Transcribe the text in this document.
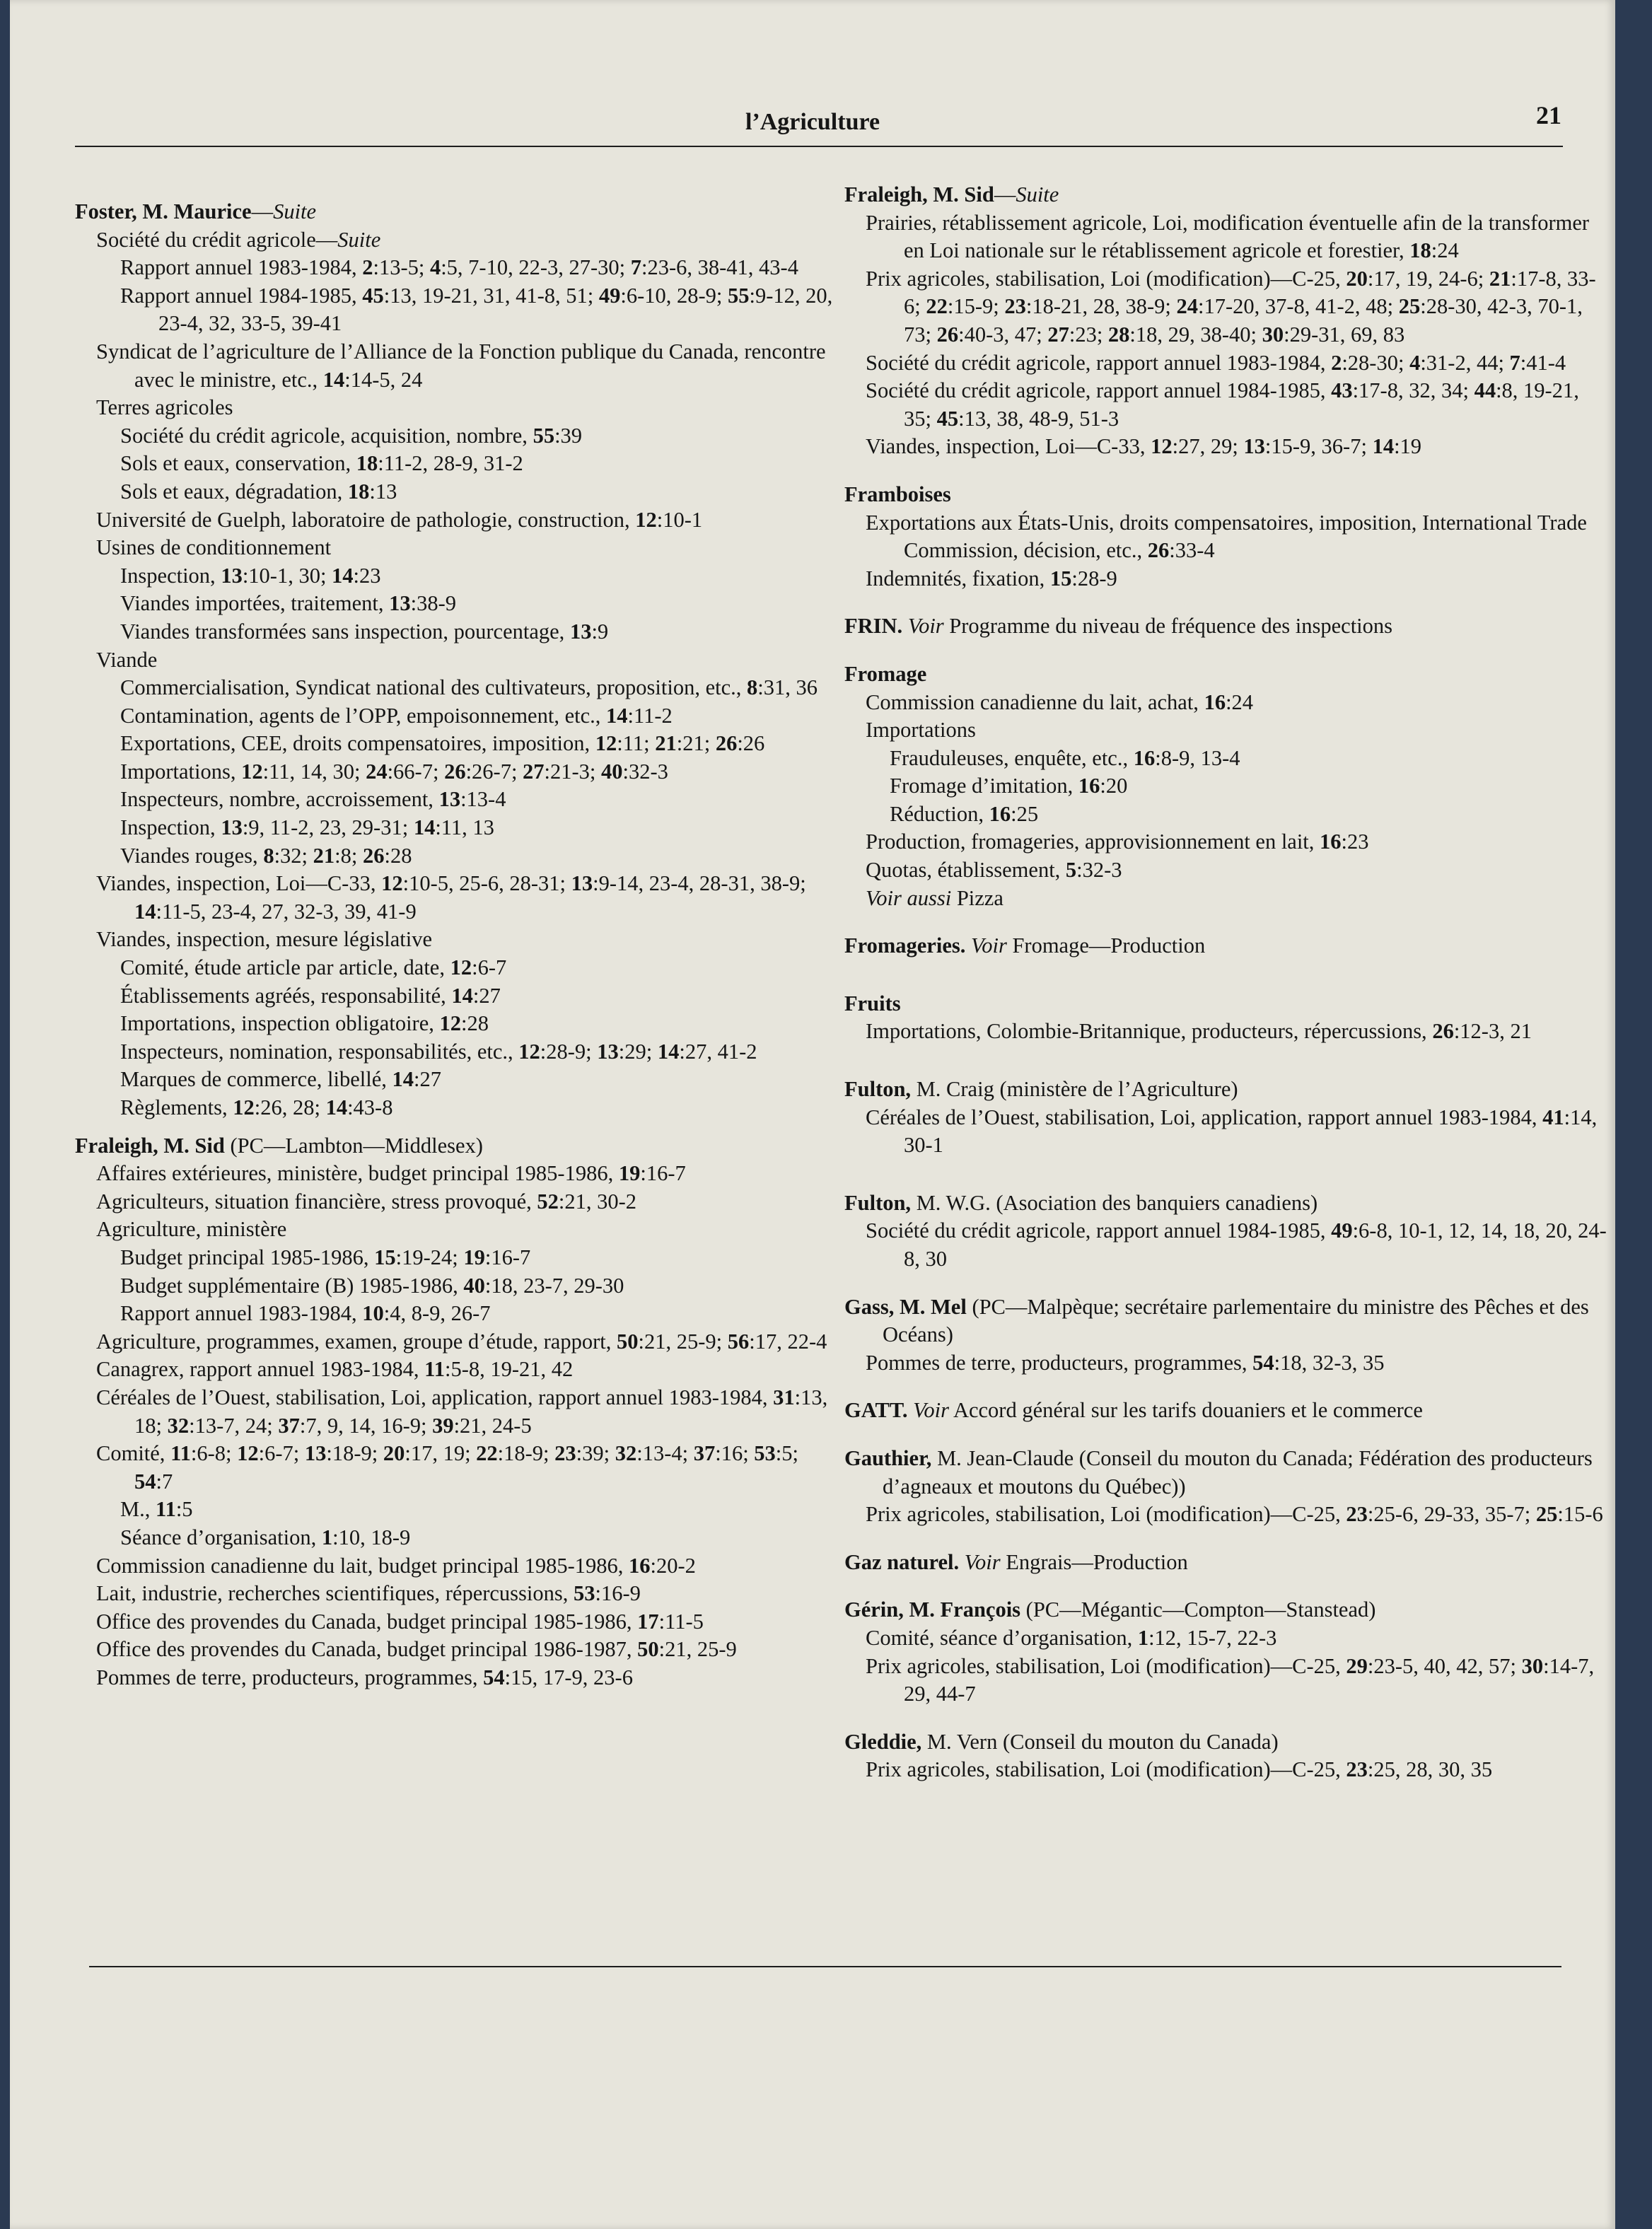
l’Agriculture	21
Foster, M. Maurice—Suite
Société du crédit agricole—Suite
Rapport annuel 1983-1984, 2:13-5; 4:5, 7-10, 22-3, 27-30; 7:23-6, 38-41, 43-4
Rapport annuel 1984-1985, 45:13, 19-21, 31, 41-8, 51; 49:6-10, 28-9; 55:9-12, 20, 23-4, 32, 33-5, 39-41
Syndicat de l’agriculture de l’Alliance de la Fonction publique du Canada, rencontre avec le ministre, etc., 14:14-5, 24
Terres agricoles
Société du crédit agricole, acquisition, nombre, 55:39
Sols et eaux, conservation, 18:11-2, 28-9, 31-2
Sols et eaux, dégradation, 18:13
Université de Guelph, laboratoire de pathologie, construction, 12:10-1
Usines de conditionnement
Inspection, 13:10-1, 30; 14:23
Viandes importées, traitement, 13:38-9
Viandes transformées sans inspection, pourcentage, 13:9
Viande
Commercialisation, Syndicat national des cultivateurs, proposition, etc., 8:31, 36
Contamination, agents de l’OPP, empoisonnement, etc., 14:11-2
Exportations, CEE, droits compensatoires, imposition, 12:11; 21:21; 26:26
Importations, 12:11, 14, 30; 24:66-7; 26:26-7; 27:21-3; 40:32-3
Inspecteurs, nombre, accroissement, 13:13-4
Inspection, 13:9, 11-2, 23, 29-31; 14:11, 13
Viandes rouges, 8:32; 21:8; 26:28
Viandes, inspection, Loi—C-33, 12:10-5, 25-6, 28-31; 13:9-14, 23-4, 28-31, 38-9; 14:11-5, 23-4, 27, 32-3, 39, 41-9
Viandes, inspection, mesure législative
Comité, étude article par article, date, 12:6-7
Établissements agréés, responsabilité, 14:27
Importations, inspection obligatoire, 12:28
Inspecteurs, nomination, responsabilités, etc., 12:28-9; 13:29; 14:27, 41-2
Marques de commerce, libellé, 14:27
Règlements, 12:26, 28; 14:43-8
Fraleigh, M. Sid (PC—Lambton—Middlesex)
Affaires extérieures, ministère, budget principal 1985-1986, 19:16-7
Agriculteurs, situation financière, stress provoqué, 52:21, 30-2
Agriculture, ministère
Budget principal 1985-1986, 15:19-24; 19:16-7
Budget supplémentaire (B) 1985-1986, 40:18, 23-7, 29-30
Rapport annuel 1983-1984, 10:4, 8-9, 26-7
Agriculture, programmes, examen, groupe d’étude, rapport, 50:21, 25-9; 56:17, 22-4
Canagrex, rapport annuel 1983-1984, 11:5-8, 19-21, 42
Céréales de l’Ouest, stabilisation, Loi, application, rapport annuel 1983-1984, 31:13, 18; 32:13-7, 24; 37:7, 9, 14, 16-9; 39:21, 24-5
Comité, 11:6-8; 12:6-7; 13:18-9; 20:17, 19; 22:18-9; 23:39; 32:13-4; 37:16; 53:5; 54:7
M., 11:5
Séance d’organisation, 1:10, 18-9
Commission canadienne du lait, budget principal 1985-1986, 16:20-2
Lait, industrie, recherches scientifiques, répercussions, 53:16-9
Office des provendes du Canada, budget principal 1985-1986, 17:11-5
Office des provendes du Canada, budget principal 1986-1987, 50:21, 25-9
Pommes de terre, producteurs, programmes, 54:15, 17-9, 23-6
Fraleigh, M. Sid—Suite
Prairies, rétablissement agricole, Loi, modification éventuelle afin de la transformer en Loi nationale sur le rétablissement agricole et forestier, 18:24
Prix agricoles, stabilisation, Loi (modification)—C-25, 20:17, 19, 24-6; 21:17-8, 33-6; 22:15-9; 23:18-21, 28, 38-9; 24:17-20, 37-8, 41-2, 48; 25:28-30, 42-3, 70-1, 73; 26:40-3, 47; 27:23; 28:18, 29, 38-40; 30:29-31, 69, 83
Société du crédit agricole, rapport annuel 1983-1984, 2:28-30; 4:31-2, 44; 7:41-4
Société du crédit agricole, rapport annuel 1984-1985, 43:17-8, 32, 34; 44:8, 19-21, 35; 45:13, 38, 48-9, 51-3
Viandes, inspection, Loi—C-33, 12:27, 29; 13:15-9, 36-7; 14:19
Framboises
Exportations aux États-Unis, droits compensatoires, imposition, International Trade Commission, décision, etc., 26:33-4
Indemnités, fixation, 15:28-9
FRIN. Voir Programme du niveau de fréquence des inspections
Fromage
Commission canadienne du lait, achat, 16:24
Importations
Frauduleuses, enquête, etc., 16:8-9, 13-4
Fromage d’imitation, 16:20
Réduction, 16:25
Production, fromageries, approvisionnement en lait, 16:23
Quotas, établissement, 5:32-3
Voir aussi Pizza
Fromageries. Voir Fromage—Production
Fruits
Importations, Colombie-Britannique, producteurs, répercussions, 26:12-3, 21
Fulton, M. Craig (ministère de l’Agriculture)
Céréales de l’Ouest, stabilisation, Loi, application, rapport annuel 1983-1984, 41:14, 30-1
Fulton, M. W.G. (Asociation des banquiers canadiens)
Société du crédit agricole, rapport annuel 1984-1985, 49:6-8, 10-1, 12, 14, 18, 20, 24-8, 30
Gass, M. Mel (PC—Malpèque; secrétaire parlementaire du ministre des Pêches et des Océans)
Pommes de terre, producteurs, programmes, 54:18, 32-3, 35
GATT. Voir Accord général sur les tarifs douaniers et le commerce
Gauthier, M. Jean-Claude (Conseil du mouton du Canada; Fédération des producteurs d’agneaux et moutons du Québec))
Prix agricoles, stabilisation, Loi (modification)—C-25, 23:25-6, 29-33, 35-7; 25:15-6
Gaz naturel. Voir Engrais—Production
Gérin, M. François (PC—Mégantic—Compton—Stanstead)
Comité, séance d’organisation, 1:12, 15-7, 22-3
Prix agricoles, stabilisation, Loi (modification)—C-25, 29:23-5, 40, 42, 57; 30:14-7, 29, 44-7
Gleddie, M. Vern (Conseil du mouton du Canada)
Prix agricoles, stabilisation, Loi (modification)—C-25, 23:25, 28, 30, 35
